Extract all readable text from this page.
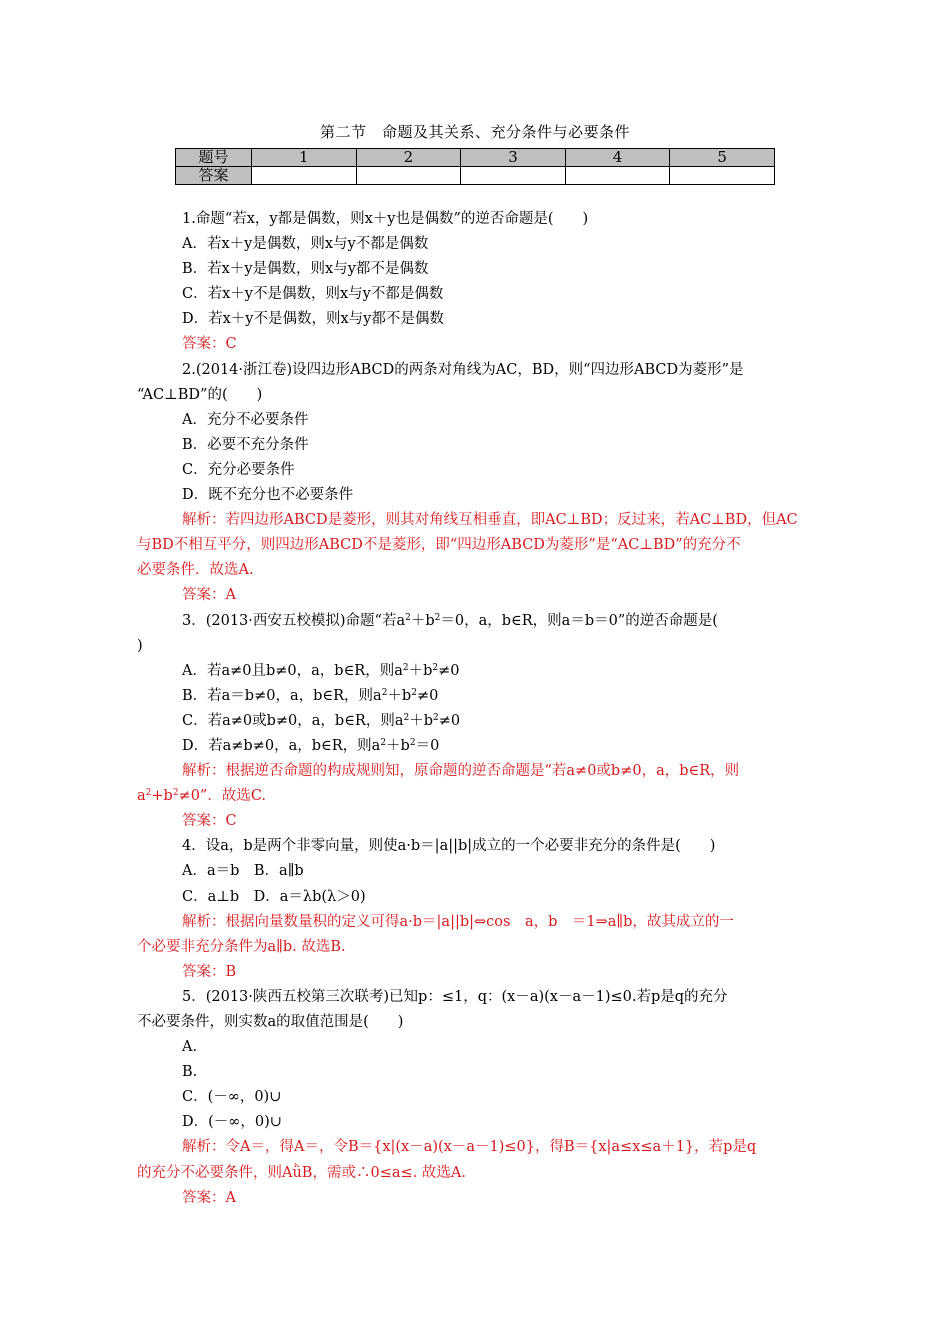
第二节　命题及其关系、充分条件与必要条件
题号	1	2	3	4	5
答案					
1.命题“若x，y都是偶数，则x＋y也是偶数”的逆否命题是(　　)
A．若x＋y是偶数，则x与y不都是偶数
B．若x＋y是偶数，则x与y都不是偶数
C．若x＋y不是偶数，则x与y不都是偶数
D．若x＋y不是偶数，则x与y都不是偶数
答案：C
2.(2014·浙江卷)设四边形ABCD的两条对角线为AC，BD，则“四边形ABCD为菱形”是
“AC⊥BD”的(　　)
A．充分不必要条件
B．必要不充分条件
C．充分必要条件
D．既不充分也不必要条件
解析：若四边形ABCD是菱形，则其对角线互相垂直，即AC⊥BD；反过来，若AC⊥BD，但AC
与BD不相互平分，则四边形ABCD不是菱形，即“四边形ABCD为菱形”是“AC⊥BD”的充分不
必要条件．故选A.
答案：A
3．(2013·西安五校模拟)命题“若$a^2+b^2=0$，a，b∈R，则a＝b＝0”的逆否命题是(
)
A．若a≠0且b≠0，a，b∈R，则$a^2+b^2\ne 0$
B．若a＝b≠0，a，b∈R，则$a^2+b^2\ne 0$
C．若a≠0或b≠0，a，b∈R，则$a^2+b^2\ne 0$
D．若a≠b≠0，a，b∈R，则$a^2+b^2=0$
解析：根据逆否命题的构成规则知，原命题的逆否命题是“若a≠0或b≠0，a，b∈R，则
$a^2+b^2\ne 0$”．故选C.
答案：C
4．设a，b是两个非零向量，则使a·b＝|a||b|成立的一个必要非充分的条件是(　　)
A．a＝b　B．a∥b
C．a⊥b　D．a＝λb(λ＞0)
解析：根据向量数量积的定义可得a·b＝|a||b|⇔cos　a，b　＝1⇒a∥b，故其成立的一
个必要非充分条件为a∥b. 故选B.
答案：B
5．(2013·陕西五校第三次联考)已知p：≤1，q：(x－a)(x－a－1)≤0.若p是q的充分
不必要条件，则实数a的取值范围是(　　)
A.
B.
C．(－∞，0)∪
D．(－∞，0)∪
解析：令A＝，得A＝，令B＝{x|(x－a)(x－a－1)≤0}，得B＝{x|a≤x≤a＋1}，若p是q
的充分不必要条件，则AǜB，需或∴0≤a≤. 故选A.
答案：A
